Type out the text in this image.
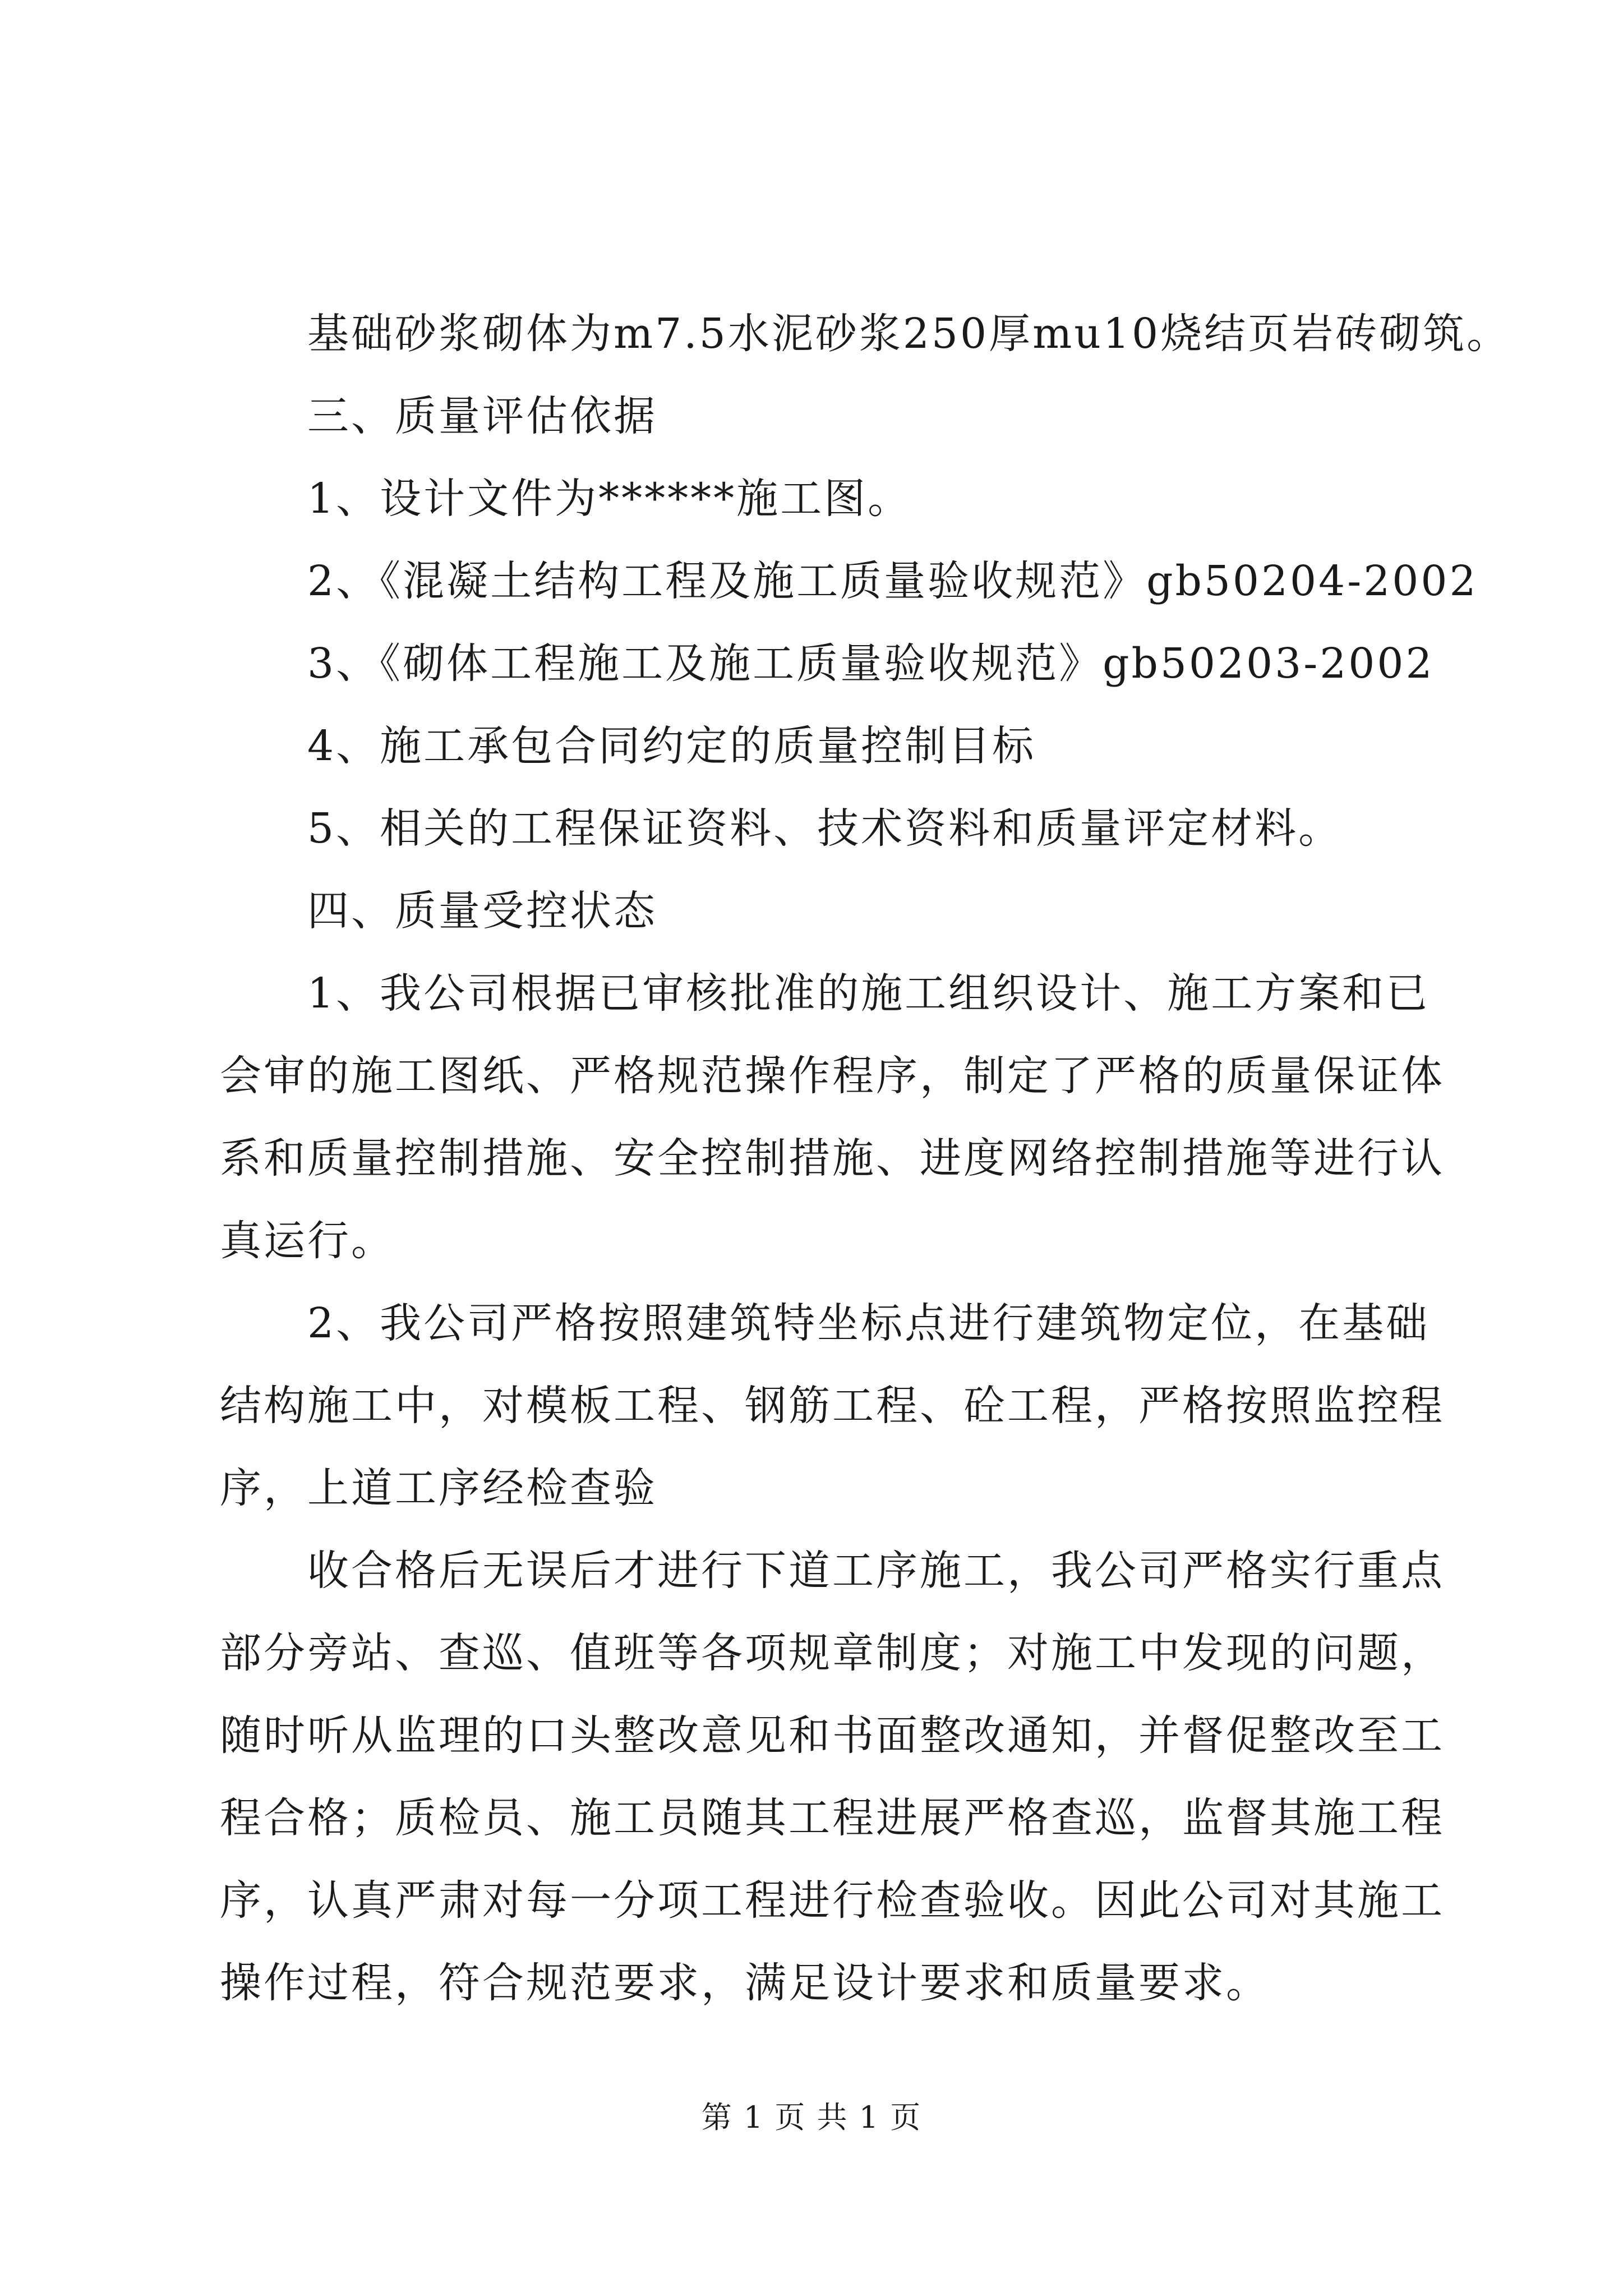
基础砂浆砌体为m7.5水泥砂浆250厚mu10烧结页岩砖砌筑。
三、质量评估依据
1、设计文件为******施工图。
2、《混凝土结构工程及施工质量验收规范》gb50204-2002
3、《砌体工程施工及施工质量验收规范》gb50203-2002
4、施工承包合同约定的质量控制目标
5、相关的工程保证资料、技术资料和质量评定材料。
四、质量受控状态
1、我公司根据已审核批准的施工组织设计、施工方案和已
会审的施工图纸、严格规范操作程序，制定了严格的质量保证体
系和质量控制措施、安全控制措施、进度网络控制措施等进行认
真运行。
2、我公司严格按照建筑特坐标点进行建筑物定位，在基础
结构施工中，对模板工程、钢筋工程、砼工程，严格按照监控程
序，上道工序经检查验
收合格后无误后才进行下道工序施工，我公司严格实行重点
部分旁站、查巡、值班等各项规章制度；对施工中发现的问题，
随时听从监理的口头整改意见和书面整改通知，并督促整改至工
程合格；质检员、施工员随其工程进展严格查巡，监督其施工程
序，认真严肃对每一分项工程进行检查验收。因此公司对其施工
操作过程，符合规范要求，满足设计要求和质量要求。
第 1 页 共 1 页
